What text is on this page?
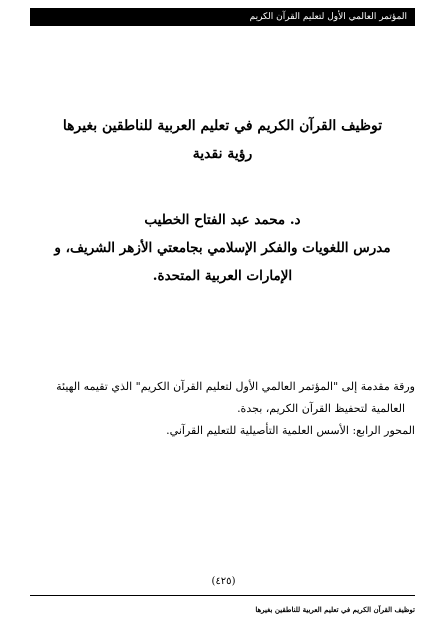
المؤتمر العالمي الأول لتعليم القرآن الكريم
توظيف القرآن الكريم في تعليم العربية للناطقين بغيرها
رؤية نقدية
د. محمد عبد الفتاح الخطيب
مدرس اللغويات والفكر الإسلامي بجامعتي الأزهر الشريف، و
الإمارات العربية المتحدة.
ورقة مقدمة إلى "المؤتمر العالمي الأول لتعليم القرآن الكريم" الذي تقيمه الهيئة
العالمية لتحفيظ القرآن الكريم، بجدة.
المحور الرابع: الأسس العلمية التأصيلية للتعليم القرآني.
(٤٢٥)
توظيف القرآن الكريم في تعليم العربية للناطقين بغيرها
